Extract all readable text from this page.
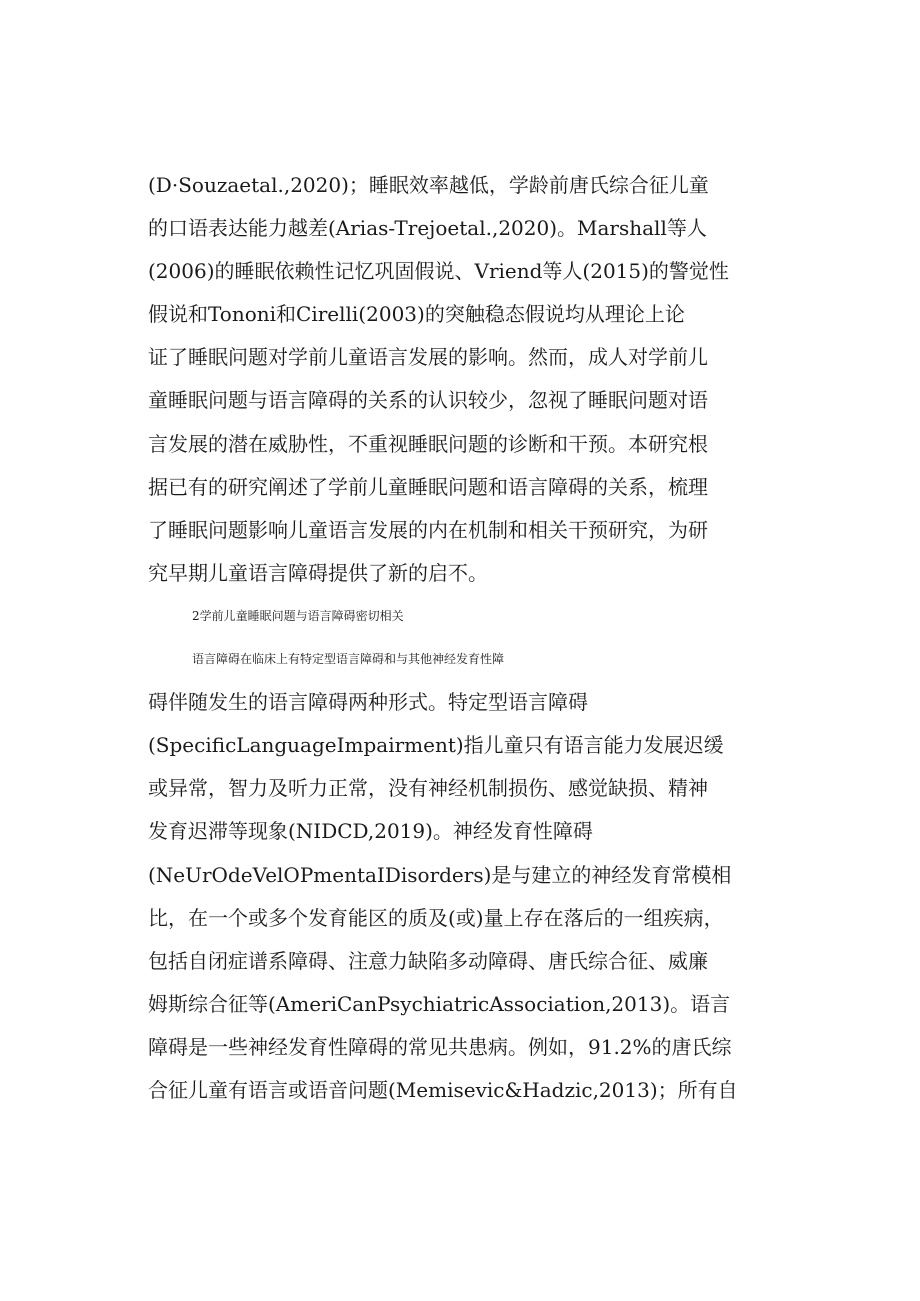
(D·Souzaetal.,2020)；睡眠效率越低，学龄前唐氏综合征儿童
的口语表达能力越差(Arias-Trejoetal.,2020)。Marshall等人
(2006)的睡眠依赖性记忆巩固假说、Vriend等人(2015)的警觉性
假说和Tononi和Cirelli(2003)的突触稳态假说均从理论上论
证了睡眠问题对学前儿童语言发展的影响。然而，成人对学前儿
童睡眠问题与语言障碍的关系的认识较少，忽视了睡眠问题对语
言发展的潜在威胁性，不重视睡眠问题的诊断和干预。本研究根
据已有的研究阐述了学前儿童睡眠问题和语言障碍的关系，梳理
了睡眠问题影响儿童语言发展的内在机制和相关干预研究，为研
究早期儿童语言障碍提供了新的启不。
2学前儿童睡眠问题与语言障碍密切相关
语言障碍在临床上有特定型语言障碍和与其他神经发育性障
碍伴随发生的语言障碍两种形式。特定型语言障碍
(SpecificLanguageImpairment)指儿童只有语言能力发展迟缓
或异常，智力及听力正常，没有神经机制损伤、感觉缺损、精神
发育迟滞等现象(NIDCD,2019)。神经发育性障碍
(NeUrOdeVelOPmentaIDisorders)是与建立的神经发育常模相
比，在一个或多个发育能区的质及(或)量上存在落后的一组疾病，
包括自闭症谱系障碍、注意力缺陷多动障碍、唐氏综合征、威廉
姆斯综合征等(AmeriCanPsychiatricAssociation,2013)。语言
障碍是一些神经发育性障碍的常见共患病。例如，91.2%的唐氏综
合征儿童有语言或语音问题(Memisevic&Hadzic,2013)；所有自
